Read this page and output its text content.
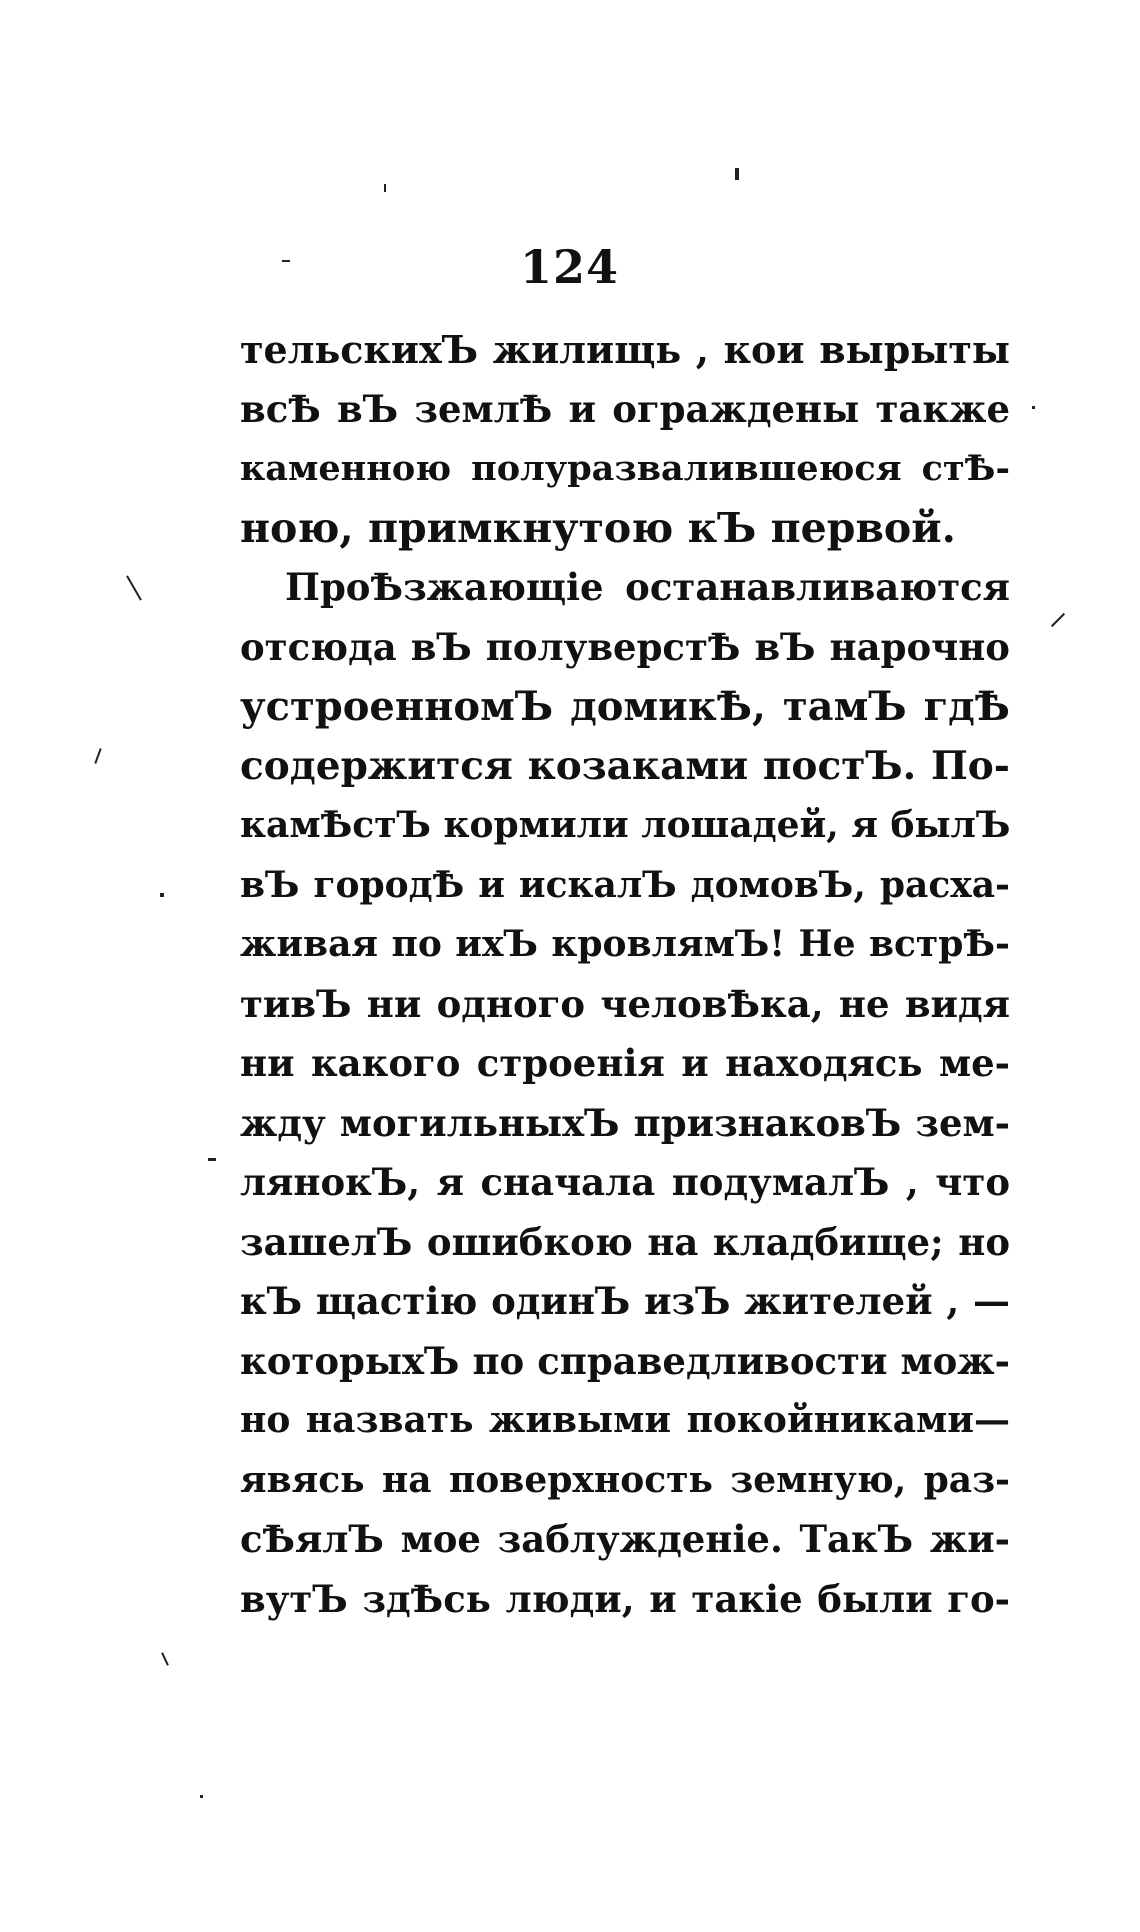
124
тельскихЪ жилищь , кои вырыты
всѢ вЪ землѢ и ограждены также
каменною полуразвалившеюся стѢ-
ною, примкнутою кЪ первой.
ПроѢзжающіе останавливаются
отсюда вЪ полуверстѢ вЪ нарочно
устроенномЪ домикѢ, тамЪ гдѢ
содержится козаками постЪ. По-
камѢстЪ кормили лошадей, я былЪ
вЪ городѢ и искалЪ домовЪ, расха-
живая по ихЪ кровлямЪ! Не встрѢ-
тивЪ ни одного человѢка, не видя
ни какого строенія и находясь ме-
жду могильныхЪ признаковЪ зем-
лянокЪ, я сначала подумалЪ , что
зашелЪ ошибкою на кладбище; но
кЪ щастію одинЪ изЪ жителей , —
которыхЪ по справедливости мож-
но назвать живыми покойниками—
явясь на поверхность земную, раз-
сѢялЪ мое заблужденіе. ТакЪ жи-
вутЪ здѢсь люди, и такіе были го-
